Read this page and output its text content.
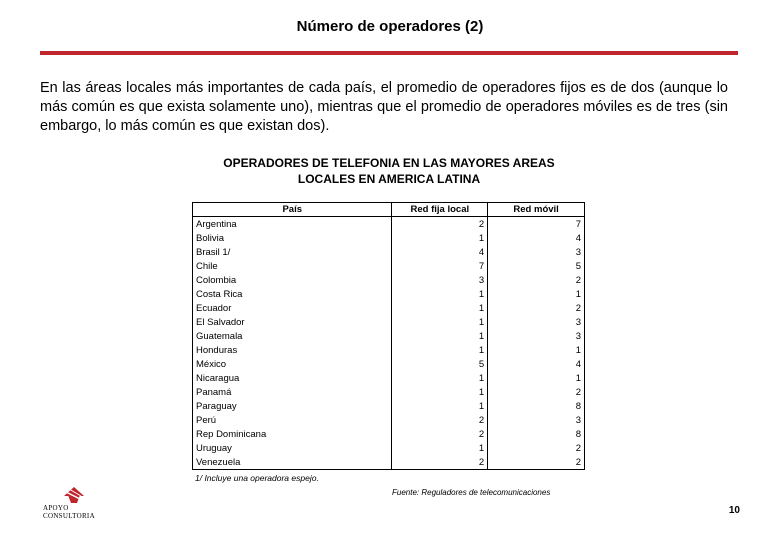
Número de operadores (2)
En las áreas locales más importantes de cada país, el promedio de operadores fijos es de dos (aunque lo más común es que exista solamente uno), mientras que el promedio de operadores móviles es de tres (sin embargo, lo más común es que existan dos).
OPERADORES DE TELEFONIA EN LAS MAYORES AREAS
LOCALES EN AMERICA LATINA
País	Red fija local	Red móvil
Argentina	2	7
Bolivia	1	4
Brasil 1/	4	3
Chile	7	5
Colombia	3	2
Costa Rica	1	1
Ecuador	1	2
El Salvador	1	3
Guatemala	1	3
Honduras	1	1
México	5	4
Nicaragua	1	1
Panamá	1	2
Paraguay	1	8
Perú	2	3
Rep Dominicana	2	8
Uruguay	1	2
Venezuela	2	2
1/ Incluye una operadora espejo.
Fuente: Reguladores de telecomunicaciones
APOYO
CONSULTORIA	10
